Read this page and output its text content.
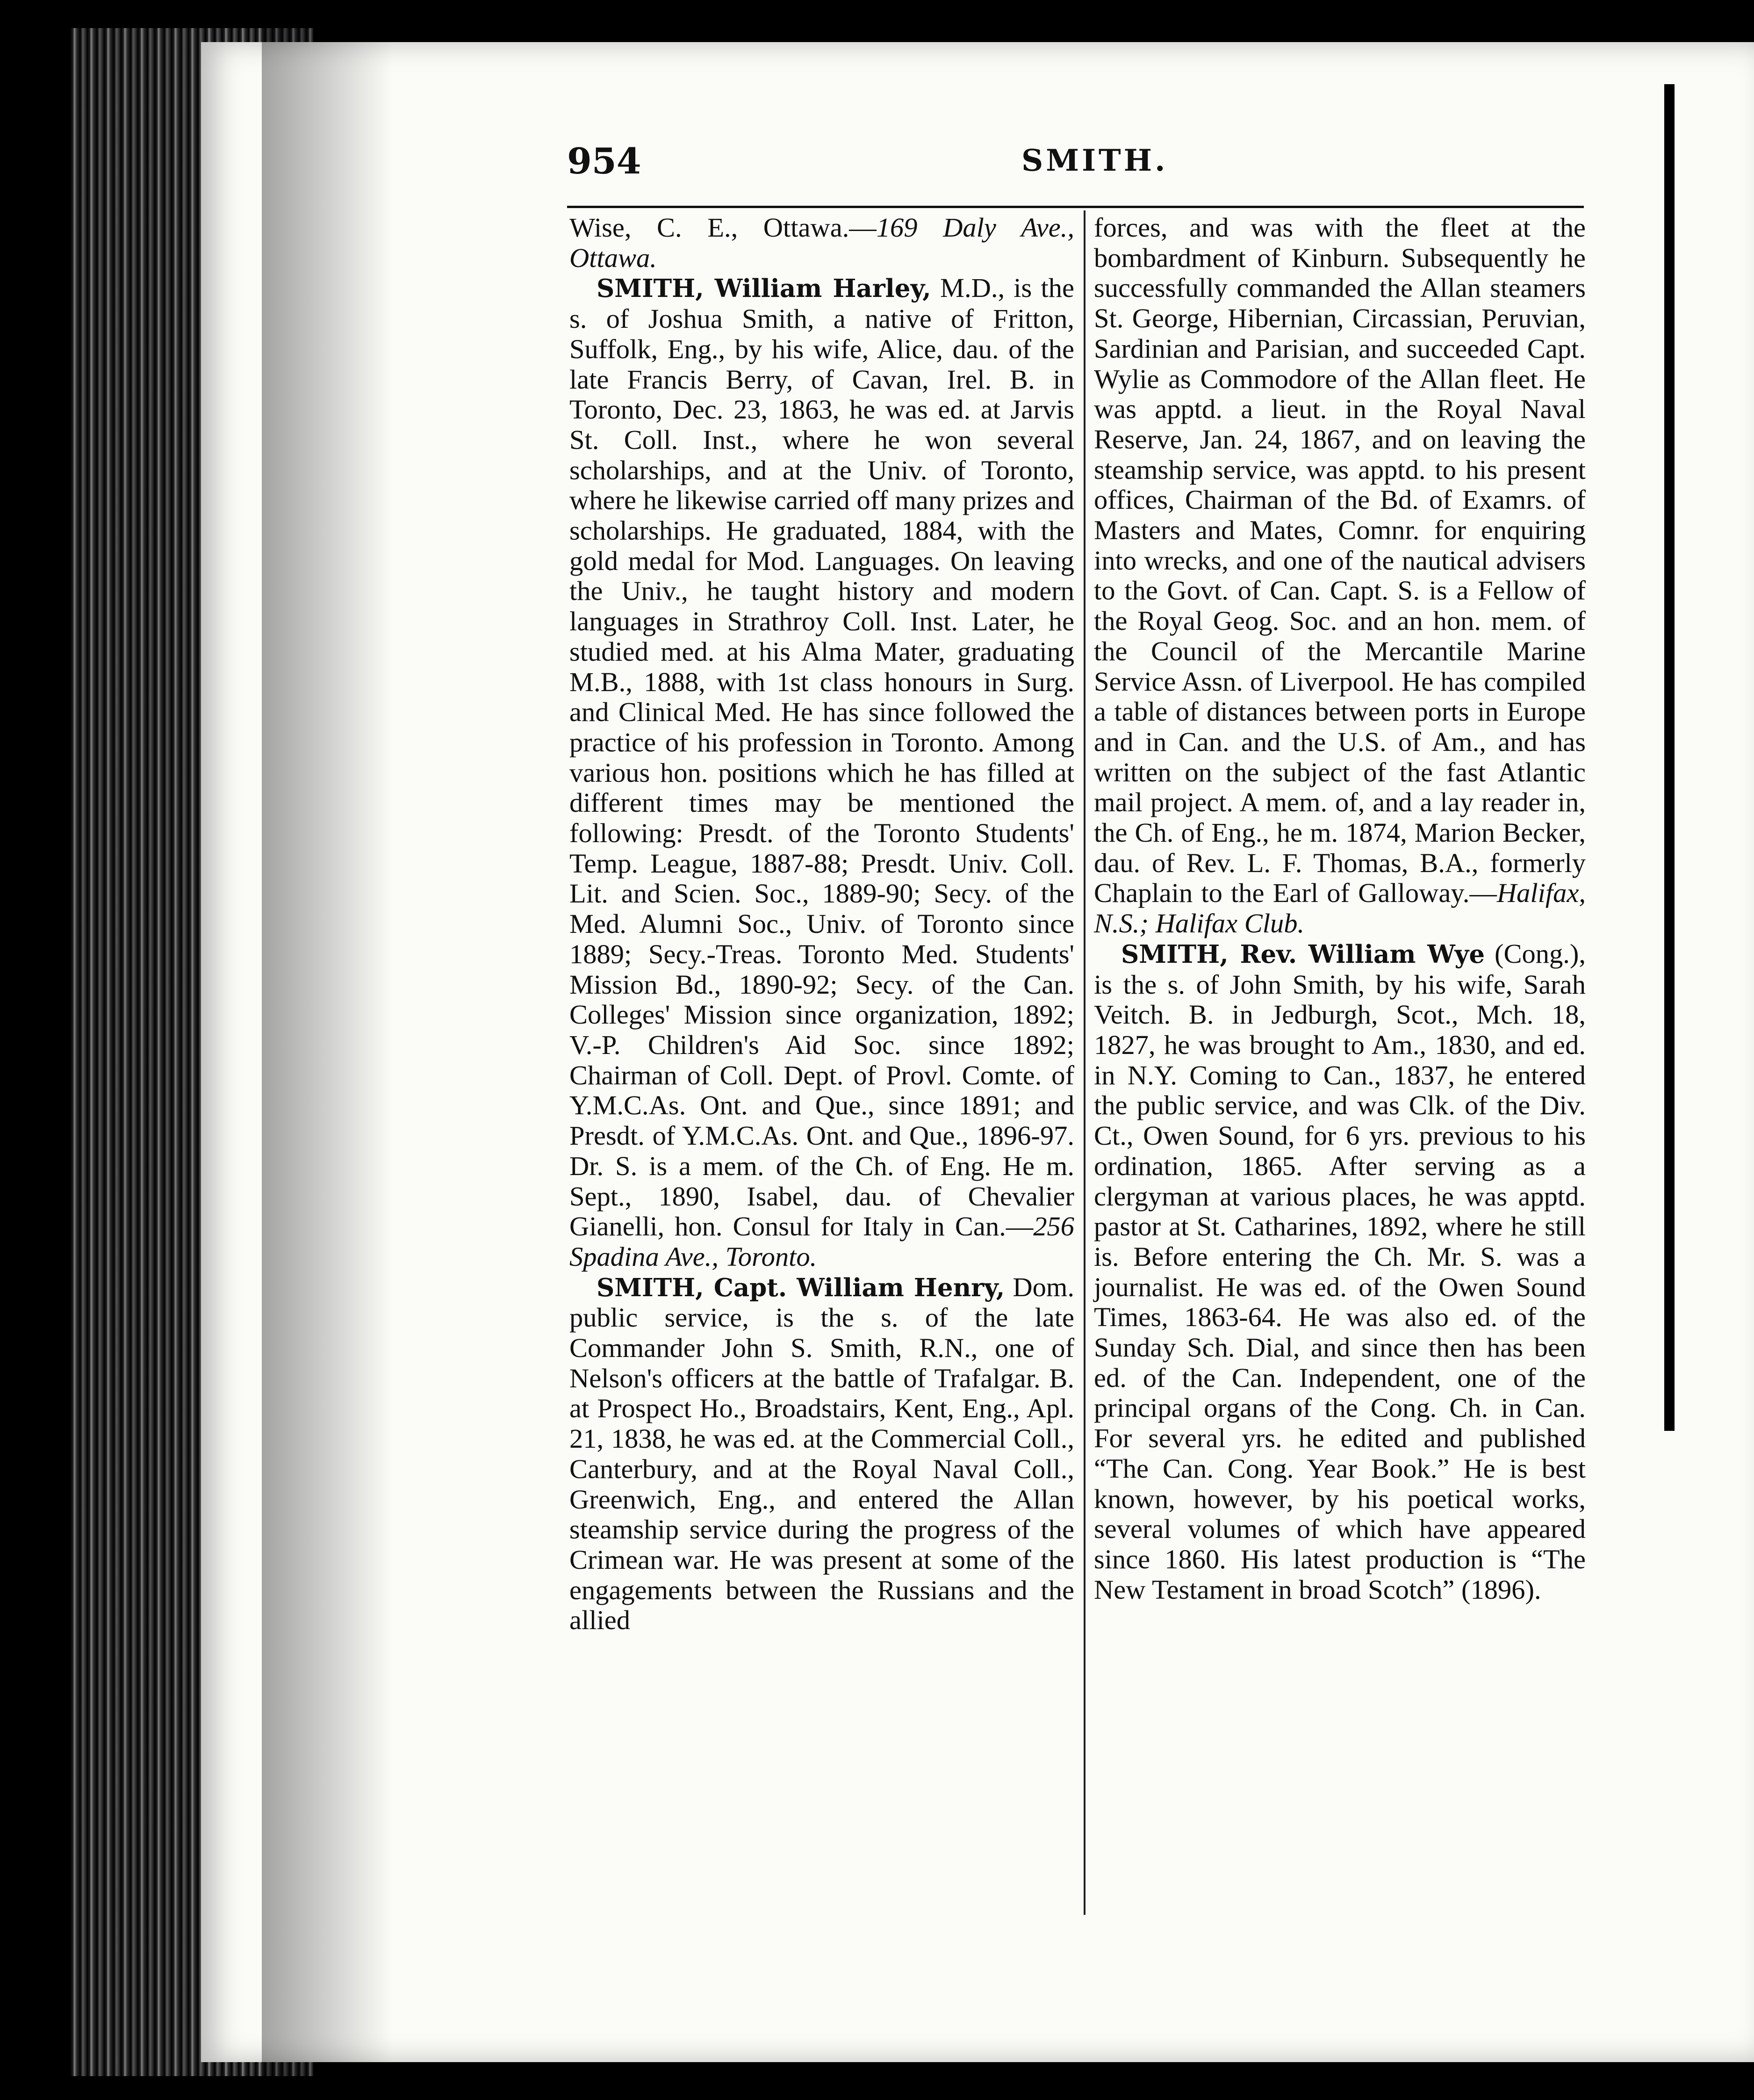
954	SMITH.

Wise, C. E., Ottawa.—169 Daly Ave., Ottawa.

SMITH, William Harley, M.D., is the s. of Joshua Smith, a native of Fritton, Suffolk, Eng., by his wife, Alice, dau. of the late Francis Berry, of Cavan, Irel. B. in Toronto, Dec. 23, 1863, he was ed. at Jarvis St. Coll. Inst., where he won several scholarships, and at the Univ. of Toronto, where he likewise carried off many prizes and scholarships. He graduated, 1884, with the gold medal for Mod. Languages. On leaving the Univ., he taught history and modern languages in Strathroy Coll. Inst. Later, he studied med. at his Alma Mater, graduating M.B., 1888, with 1st class honours in Surg. and Clinical Med. He has since followed the practice of his profession in Toronto. Among various hon. positions which he has filled at different times may be mentioned the following: Presdt. of the Toronto Students' Temp. League, 1887-88; Presdt. Univ. Coll. Lit. and Scien. Soc., 1889-90; Secy. of the Med. Alumni Soc., Univ. of Toronto since 1889; Secy.-Treas. Toronto Med. Students' Mission Bd., 1890-92; Secy. of the Can. Colleges' Mission since organization, 1892; V.-P. Children's Aid Soc. since 1892; Chairman of Coll. Dept. of Provl. Comte. of Y.M.C.As. Ont. and Que., since 1891; and Presdt. of Y.M.C.As. Ont. and Que., 1896-97. Dr. S. is a mem. of the Ch. of Eng. He m. Sept., 1890, Isabel, dau. of Chevalier Gianelli, hon. Consul for Italy in Can.—256 Spadina Ave., Toronto.

SMITH, Capt. William Henry, Dom. public service, is the s. of the late Commander John S. Smith, R.N., one of Nelson's officers at the battle of Trafalgar. B. at Prospect Ho., Broadstairs, Kent, Eng., Apl. 21, 1838, he was ed. at the Commercial Coll., Canterbury, and at the Royal Naval Coll., Greenwich, Eng., and entered the Allan steamship service during the progress of the Crimean war. He was present at some of the engagements between the Russians and the allied

forces, and was with the fleet at the bombardment of Kinburn. Subsequently he successfully commanded the Allan steamers St. George, Hibernian, Circassian, Peruvian, Sardinian and Parisian, and succeeded Capt. Wylie as Commodore of the Allan fleet. He was apptd. a lieut. in the Royal Naval Reserve, Jan. 24, 1867, and on leaving the steamship service, was apptd. to his present offices, Chairman of the Bd. of Examrs. of Masters and Mates, Comnr. for enquiring into wrecks, and one of the nautical advisers to the Govt. of Can. Capt. S. is a Fellow of the Royal Geog. Soc. and an hon. mem. of the Council of the Mercantile Marine Service Assn. of Liverpool. He has compiled a table of distances between ports in Europe and in Can. and the U.S. of Am., and has written on the subject of the fast Atlantic mail project. A mem. of, and a lay reader in, the Ch. of Eng., he m. 1874, Marion Becker, dau. of Rev. L. F. Thomas, B.A., formerly Chaplain to the Earl of Galloway.—Halifax, N.S.; Halifax Club.

SMITH, Rev. William Wye (Cong.), is the s. of John Smith, by his wife, Sarah Veitch. B. in Jedburgh, Scot., Mch. 18, 1827, he was brought to Am., 1830, and ed. in N.Y. Coming to Can., 1837, he entered the public service, and was Clk. of the Div. Ct., Owen Sound, for 6 yrs. previous to his ordination, 1865. After serving as a clergyman at various places, he was apptd. pastor at St. Catharines, 1892, where he still is. Before entering the Ch. Mr. S. was a journalist. He was ed. of the Owen Sound Times, 1863-64. He was also ed. of the Sunday Sch. Dial, and since then has been ed. of the Can. Independent, one of the principal organs of the Cong. Ch. in Can. For several yrs. he edited and published “The Can. Cong. Year Book.” He is best known, however, by his poetical works, several volumes of which have appeared since 1860. His latest production is “The New Testament in broad Scotch” (1896).
